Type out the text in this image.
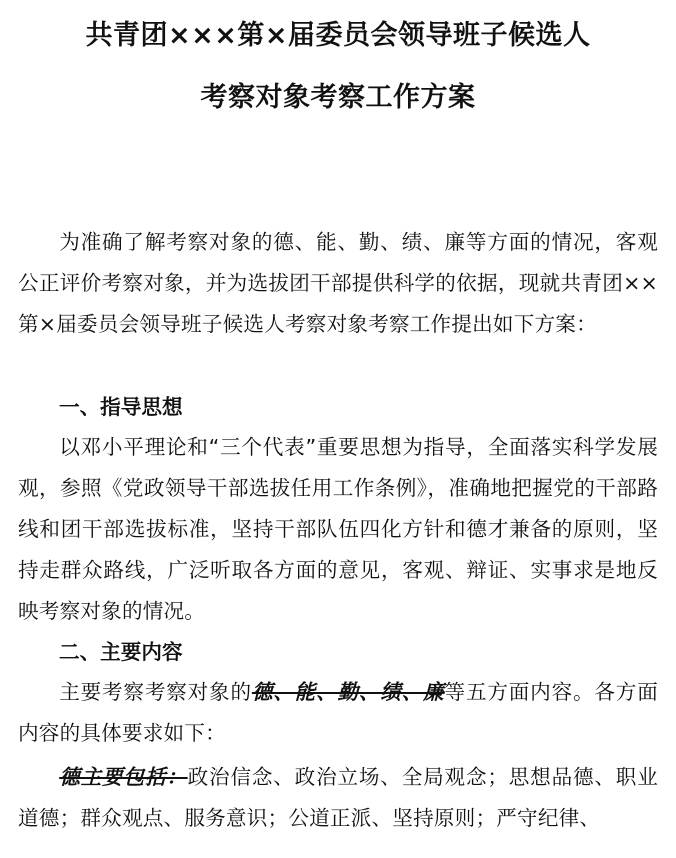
共青团×××第×届委员会领导班子候选人
考察对象考察工作方案
为准确了解考察对象的德、能、勤、绩、廉等方面的情况，客观公正评价考察对象，并为选拔团干部提供科学的依据，现就共青团××第×届委员会领导班子候选人考察对象考察工作提出如下方案：
一、指导思想
以邓小平理论和“三个代表”重要思想为指导，全面落实科学发展观，参照《党政领导干部选拔任用工作条例》，准确地把握党的干部路线和团干部选拔标准，坚持干部队伍四化方针和德才兼备的原则，坚持走群众路线，广泛听取各方面的意见，客观、辩证、实事求是地反映考察对象的情况。
二、主要内容
主要考察考察对象的德、能、勤、绩、廉等五方面内容。各方面内容的具体要求如下：
德主要包括：政治信念、政治立场、全局观念；思想品德、职业道德；群众观点、服务意识；公道正派、坚持原则；严守纪律、
